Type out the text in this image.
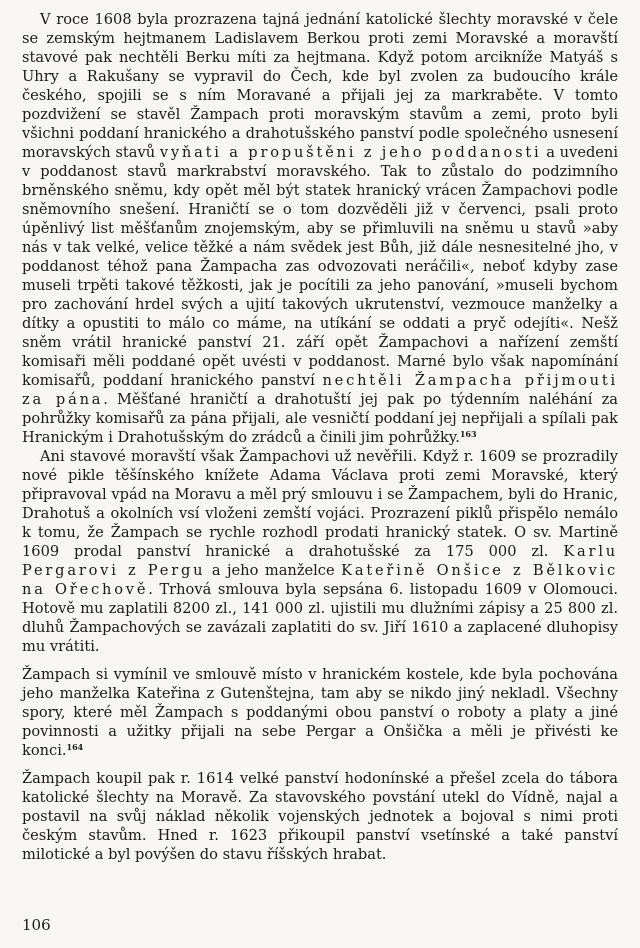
V roce 1608 byla prozrazena tajná jednání katolické šlechty moravské v čele se zemským hejtmanem Ladislavem Berkou proti zemi Moravské a moravští stavové pak nechtěli Berku míti za hejtmana. Když potom arcikníže Matyáš s Uhry a Rakušany se vypravil do Čech, kde byl zvolen za budoucího krále českého, spojili se s ním Moravané a přijali jej za markraběte. V tomto pozdvižení se stavěl Žampach proti moravským stavům a zemi, proto byli všichni poddaní hranického a drahotušského panství podle společného usnesení moravských stavů vyňati a propuštěni z jeho poddanosti a uvedeni v poddanost stavů markrabství moravského. Tak to zůstalo do podzimního brněnského sněmu, kdy opět měl být statek hranický vrácen Žampachovi podle sněmovního snešení. Hraničtí se o tom dozvěděli již v červenci, psali proto úpěnlivý list měšťanům znojemským, aby se přimluvili na sněmu u stavů »aby nás v tak velké, velice těžké a nám svědek jest Bůh, již dále nesnesitelné jho, v poddanost téhož pana Žampacha zas odvozovati neráčili«, neboť kdyby zase museli trpěti takové těžkosti, jak je pocítili za jeho panování, »museli bychom pro zachování hrdel svých a ujití takových ukrutenství, vezmouce manželky a dítky a opustiti to málo co máme, na utíkání se oddati a pryč odejíti«. Nešž sněm vrátil hranické panství 21. září opět Žampachovi a nařízení zemští komisaři měli poddané opět uvésti v poddanost. Marné bylo však napomínání komisařů, poddaní hranického panství nechtěli Žampacha přijmouti za pána. Měšťané hraničtí a drahotuští jej pak po týdenním naléhání za pohrůžky komisařů za pána přijali, ale vesničtí poddaní jej nepřijali a spílali pak Hranickým i Drahotušským do zrádců a činili jim pohrůžky.$^{163}$

Ani stavové moravští však Žampachovi už nevěřili. Když r. 1609 se prozradily nové pikle těšínského knížete Adama Václava proti zemi Moravské, který připravoval vpád na Moravu a měl prý smlouvu i se Žampachem, byli do Hranic, Drahotuš a okolních vsí vloženi zemští vojáci. Prozrazení piklů přispělo nemálo k tomu, že Žampach se rychle rozhodl prodati hranický statek. O sv. Martině 1609 prodal panství hranické a drahotušské za 175 000 zl. Karlu Pergarovi z Pergu a jeho manželce Kateřině Onšice z Bělkovic na Ořechově. Trhová smlouva byla sepsána 6. listopadu 1609 v Olomouci. Hotově mu zaplatili 8200 zl., 141 000 zl. ujistili mu dlužními zápisy a 25 800 zl. dluhů Žampachových se zavázali zaplatiti do sv. Jiří 1610 a zaplacené dluhopisy mu vrátiti.

Žampach si vymínil ve smlouvě místo v hranickém kostele, kde byla pochována jeho manželka Kateřina z Gutenštejna, tam aby se nikdo jiný nekladl. Všechny spory, které měl Žampach s poddanými obou panství o roboty a platy a jiné povinnosti a užitky přijali na sebe Pergar a Onšička a měli je přivésti ke konci.$^{164}$

Žampach koupil pak r. 1614 velké panství hodonínské a přešel zcela do tábora katolické šlechty na Moravě. Za stavovského povstání utekl do Vídně, najal a postavil na svůj náklad několik vojenských jednotek a bojoval s nimi proti českým stavům. Hned r. 1623 přikoupil panství vsetínské a také panství milotické a byl povýšen do stavu říšských hrabat.

106
